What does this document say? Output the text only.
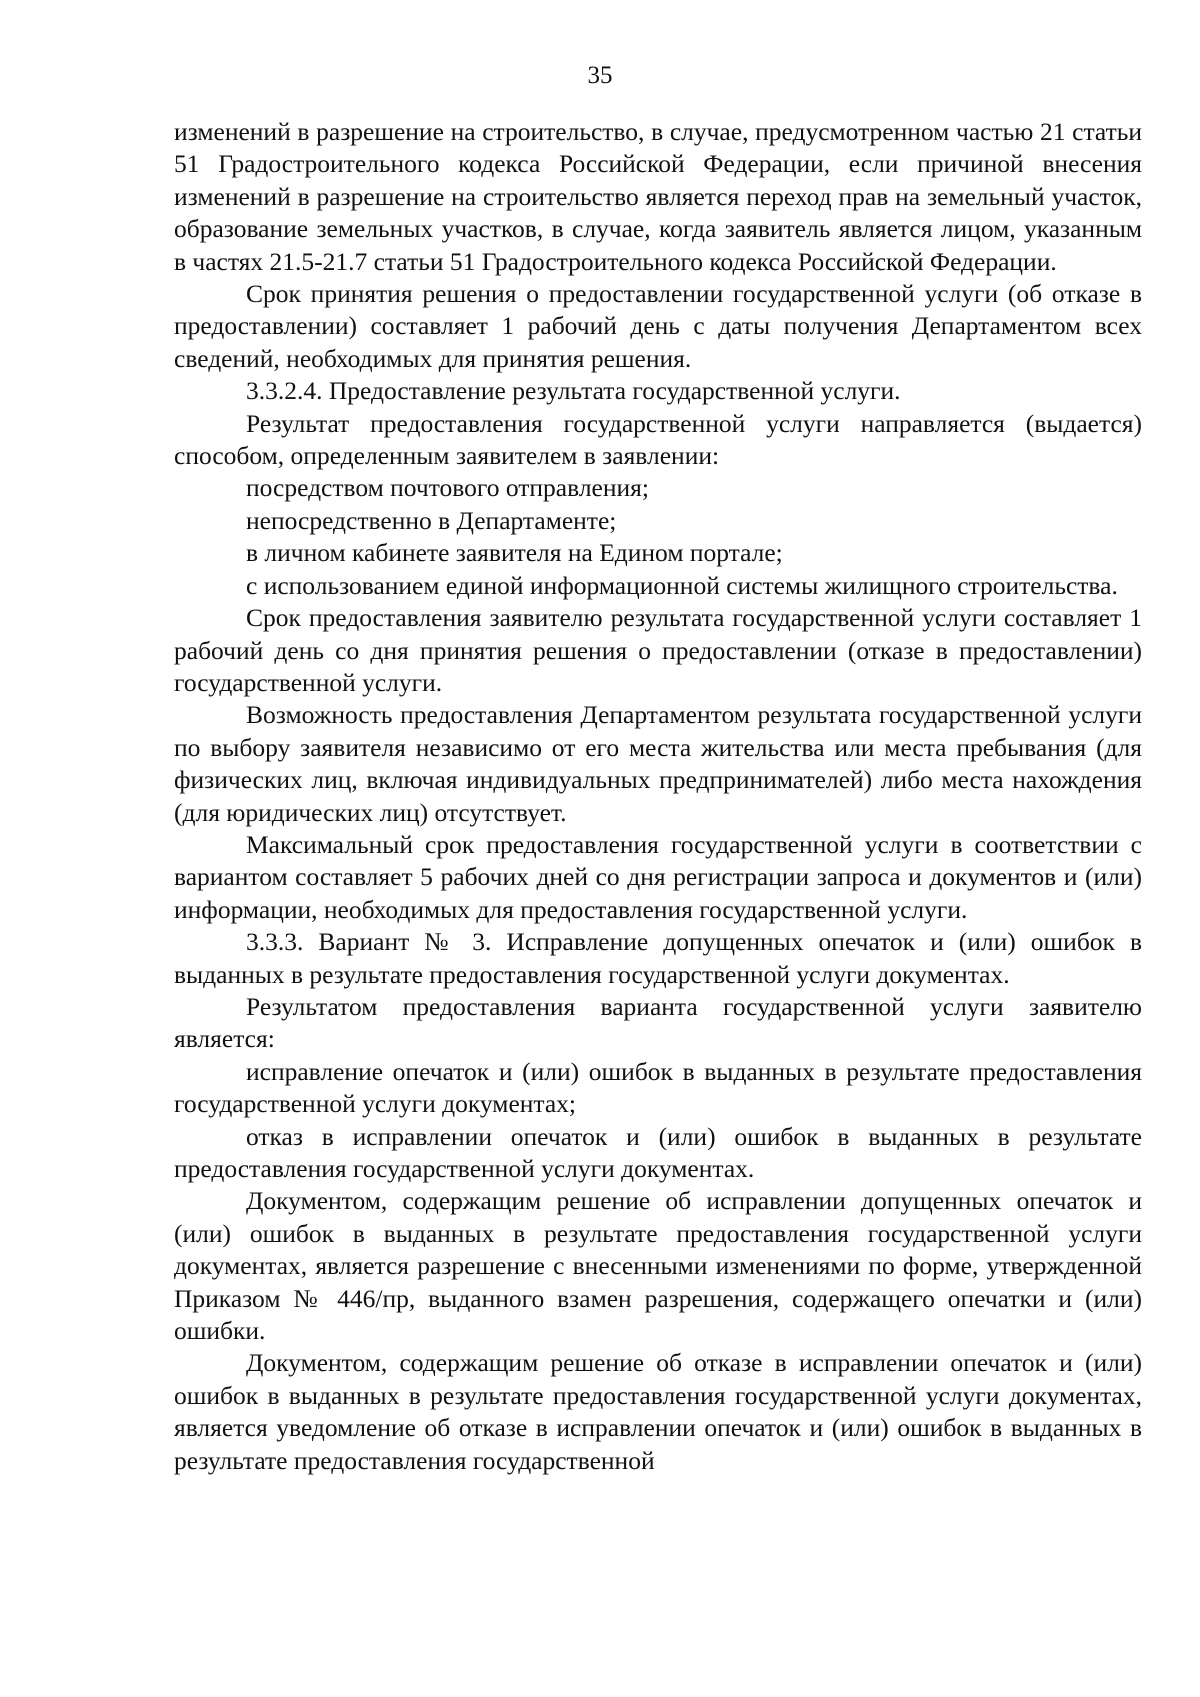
35

изменений в разрешение на строительство, в случае, предусмотренном частью 21 статьи 51 Градостроительного кодекса Российской Федерации, если причиной внесения изменений в разрешение на строительство является переход прав на земельный участок, образование земельных участков, в случае, когда заявитель является лицом, указанным в частях 21.5-21.7 статьи 51 Градостроительного кодекса Российской Федерации.

Срок принятия решения о предоставлении государственной услуги (об отказе в предоставлении) составляет 1 рабочий день с даты получения Департаментом всех сведений, необходимых для принятия решения.

3.3.2.4. Предоставление результата государственной услуги.

Результат предоставления государственной услуги направляется (выдается) способом, определенным заявителем в заявлении:

посредством почтового отправления;

непосредственно в Департаменте;

в личном кабинете заявителя на Едином портале;

с использованием единой информационной системы жилищного строительства.

Срок предоставления заявителю результата государственной услуги составляет 1 рабочий день со дня принятия решения о предоставлении (отказе в предоставлении) государственной услуги.

Возможность предоставления Департаментом результата государственной услуги по выбору заявителя независимо от его места жительства или места пребывания (для физических лиц, включая индивидуальных предпринимателей) либо места нахождения (для юридических лиц) отсутствует.

Максимальный срок предоставления государственной услуги в соответствии с вариантом составляет 5 рабочих дней со дня регистрации запроса и документов и (или) информации, необходимых для предоставления государственной услуги.

3.3.3. Вариант № 3. Исправление допущенных опечаток и (или) ошибок в выданных в результате предоставления государственной услуги документах.

Результатом предоставления варианта государственной услуги заявителю является:

исправление опечаток и (или) ошибок в выданных в результате предоставления государственной услуги документах;

отказ в исправлении опечаток и (или) ошибок в выданных в результате предоставления государственной услуги документах.

Документом, содержащим решение об исправлении допущенных опечаток и (или) ошибок в выданных в результате предоставления государственной услуги документах, является разрешение с внесенными изменениями по форме, утвержденной Приказом № 446/пр, выданного взамен разрешения, содержащего опечатки и (или) ошибки.

Документом, содержащим решение об отказе в исправлении опечаток и (или) ошибок в выданных в результате предоставления государственной услуги документах, является уведомление об отказе в исправлении опечаток и (или) ошибок в выданных в результате предоставления государственной
